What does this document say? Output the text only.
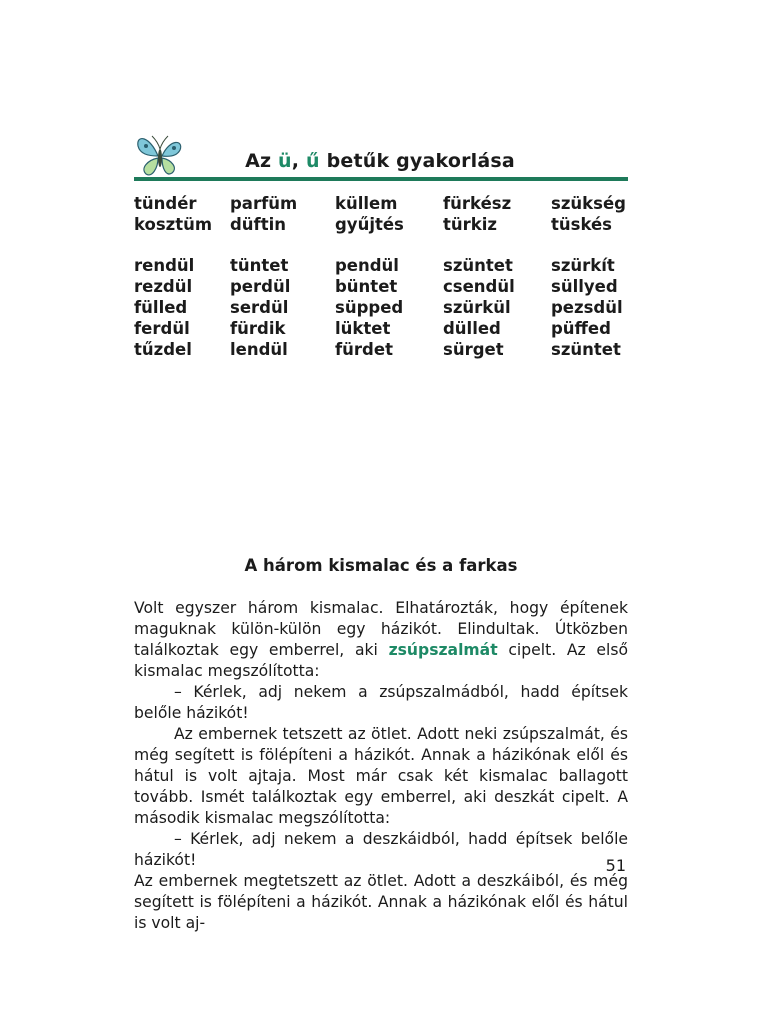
Az ü, ű betűk gyakorlása
tündér	parfüm	küllem	fürkész	szükség
kosztüm	düftin	gyűjtés	türkiz	tüskés
rendül	tüntet	pendül	szüntet	szürkít
rezdül	perdül	büntet	csendül	süllyed
fülled	serdül	süpped	szürkül	pezsdül
ferdül	fürdik	lüktet	dülled	püffed
tűzdel	lendül	fürdet	sürget	szüntet
A három kismalac és a farkas

Volt egyszer három kismalac. Elhatározták, hogy építenek maguknak külön-külön egy házikót. Elindultak. Útközben találkoztak egy emberrel, aki zsúpszalmát cipelt. Az első kismalac megszólította:

– Kérlek, adj nekem a zsúpszalmádból, hadd építsek belőle házikót!

Az embernek tetszett az ötlet. Adott neki zsúpszalmát, és még segített is fölépíteni a házikót. Annak a házikónak elől és hátul is volt ajtaja. Most már csak két kismalac ballagott tovább. Ismét találkoztak egy emberrel, aki deszkát cipelt. A második kismalac megszólította:

– Kérlek, adj nekem a deszkáidból, hadd építsek belőle házikót!

Az embernek megtetszett az ötlet. Adott a deszkáiból, és még segített is fölépíteni a házikót. Annak a házikónak elől és hátul is volt aj-

51
